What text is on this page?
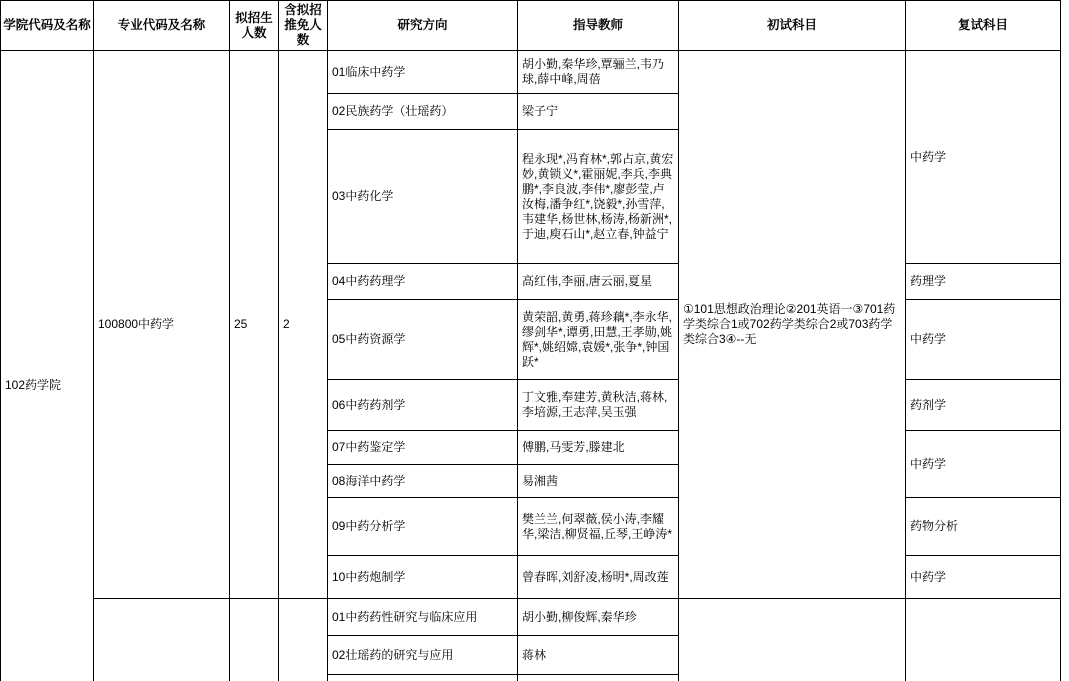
学院代码及名称	专业代码及名称	拟招生人数	含拟招推免人数	研究方向	指导教师	初试科目	复试科目
102药学院	100800中药学	25	2	01临床中药学	胡小勤,秦华珍,覃骊兰,韦乃球,薛中峰,周蓓	①101思想政治理论②201英语一③701药学类综合1或702药学类综合2或703药学类综合3④--无	中药学
				02民族药学（壮瑶药）	梁子宁		
				03中药化学	程永现*,冯育林*,郭占京,黄宏妙,黄锁义*,霍丽妮,李兵,李典鹏*,李良波,李伟*,廖彭莹,卢汝梅,潘争红*,饶毅*,孙雪萍,韦建华,杨世林,杨涛,杨新洲*,于迪,庾石山*,赵立春,钟益宁		
				04中药药理学	高红伟,李丽,唐云丽,夏星		药理学
				05中药资源学	黄荣韶,黄勇,蒋珍藕*,李永华,缪剑华*,谭勇,田慧,王孝勋,姚辉*,姚绍嫦,袁媛*,张争*,钟国跃*		中药学
				06中药药剂学	丁文雅,奉建芳,黄秋洁,蒋林,李培源,王志萍,吴玉强		药剂学
				07中药鉴定学	傅鹏,马雯芳,滕建北		中药学
				08海洋中药学	易湘茜		
				09中药分析学	樊兰兰,何翠薇,侯小涛,李耀华,梁洁,柳贤福,丘琴,王峥涛*		药物分析
				10中药炮制学	曾春晖,刘舒凌,杨明*,周改莲		中药学
				01中药药性研究与临床应用	胡小勤,柳俊辉,秦华珍		
				02壮瑶药的研究与应用	蒋林		
